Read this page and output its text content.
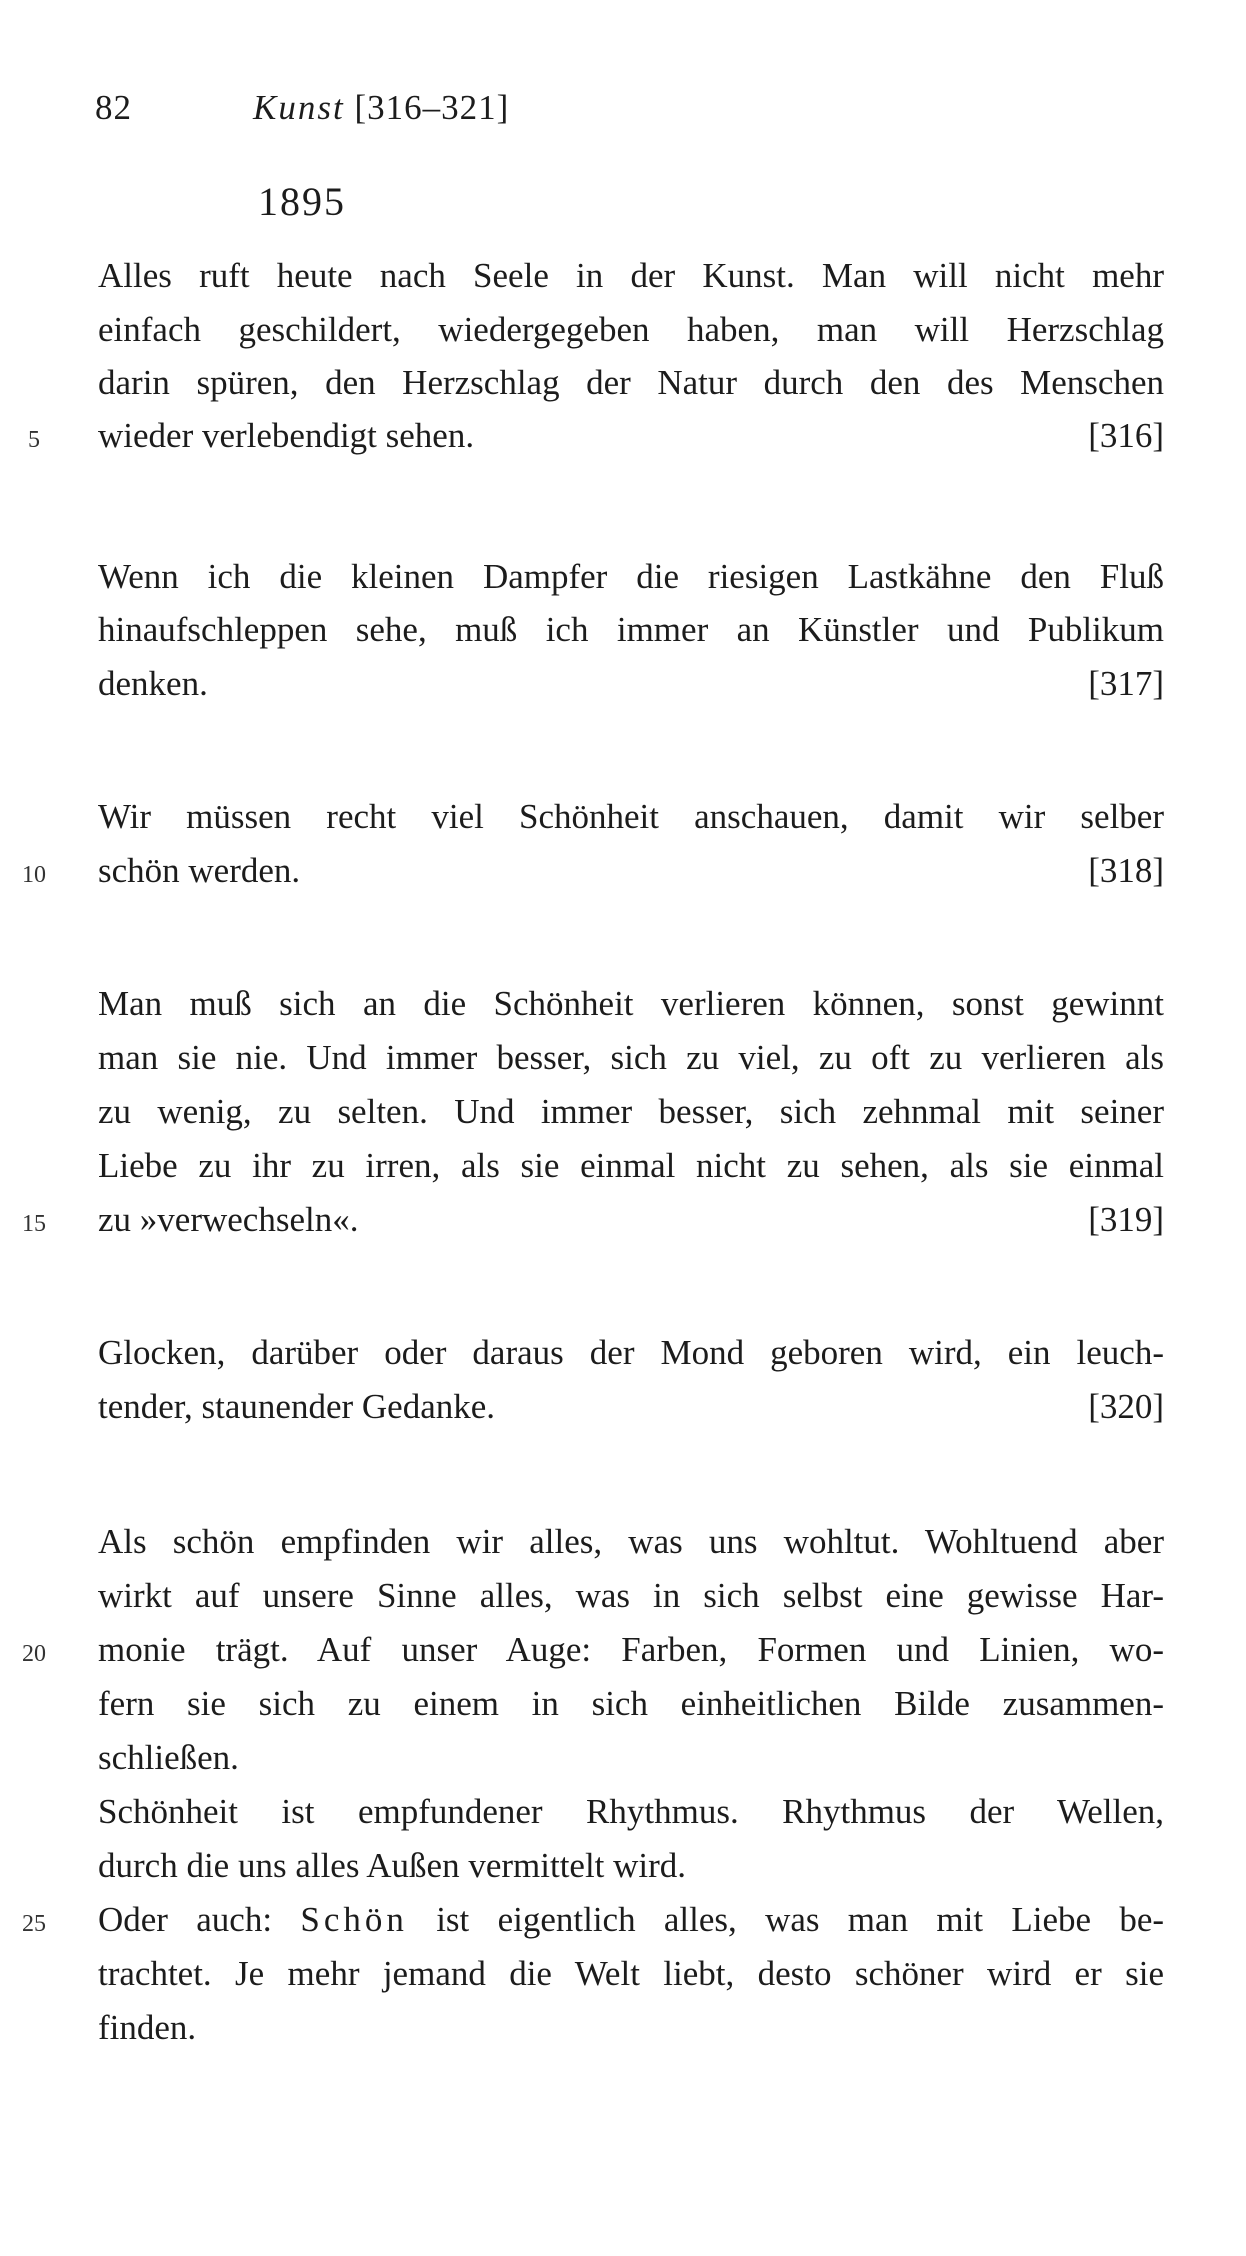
82	Kunst [316–321]
1895
Alles ruft heute nach Seele in der Kunst. Man will nicht mehr
einfach geschildert, wiedergegeben haben, man will Herzschlag
darin spüren, den Herzschlag der Natur durch den des Menschen
wieder verlebendigt sehen.	[316]
Wenn ich die kleinen Dampfer die riesigen Lastkähne den Fluß
hinaufschleppen sehe, muß ich immer an Künstler und Publikum
denken.	[317]
Wir müssen recht viel Schönheit anschauen, damit wir selber
schön werden.	[318]
Man muß sich an die Schönheit verlieren können, sonst gewinnt
man sie nie. Und immer besser, sich zu viel, zu oft zu verlieren als
zu wenig, zu selten. Und immer besser, sich zehnmal mit seiner
Liebe zu ihr zu irren, als sie einmal nicht zu sehen, als sie einmal
zu »verwechseln«.	[319]
Glocken, darüber oder daraus der Mond geboren wird, ein leuch-
tender, staunender Gedanke.	[320]
Als schön empfinden wir alles, was uns wohltut. Wohltuend aber
wirkt auf unsere Sinne alles, was in sich selbst eine gewisse Har-
monie trägt. Auf unser Auge: Farben, Formen und Linien, wo-
fern sie sich zu einem in sich einheitlichen Bilde zusammen-
schließen.
Schönheit ist empfundener Rhythmus. Rhythmus der Wellen,
durch die uns alles Außen vermittelt wird.
Oder auch: Schön ist eigentlich alles, was man mit Liebe be-
trachtet. Je mehr jemand die Welt liebt, desto schöner wird er sie
finden.
5
10
15
20
25
